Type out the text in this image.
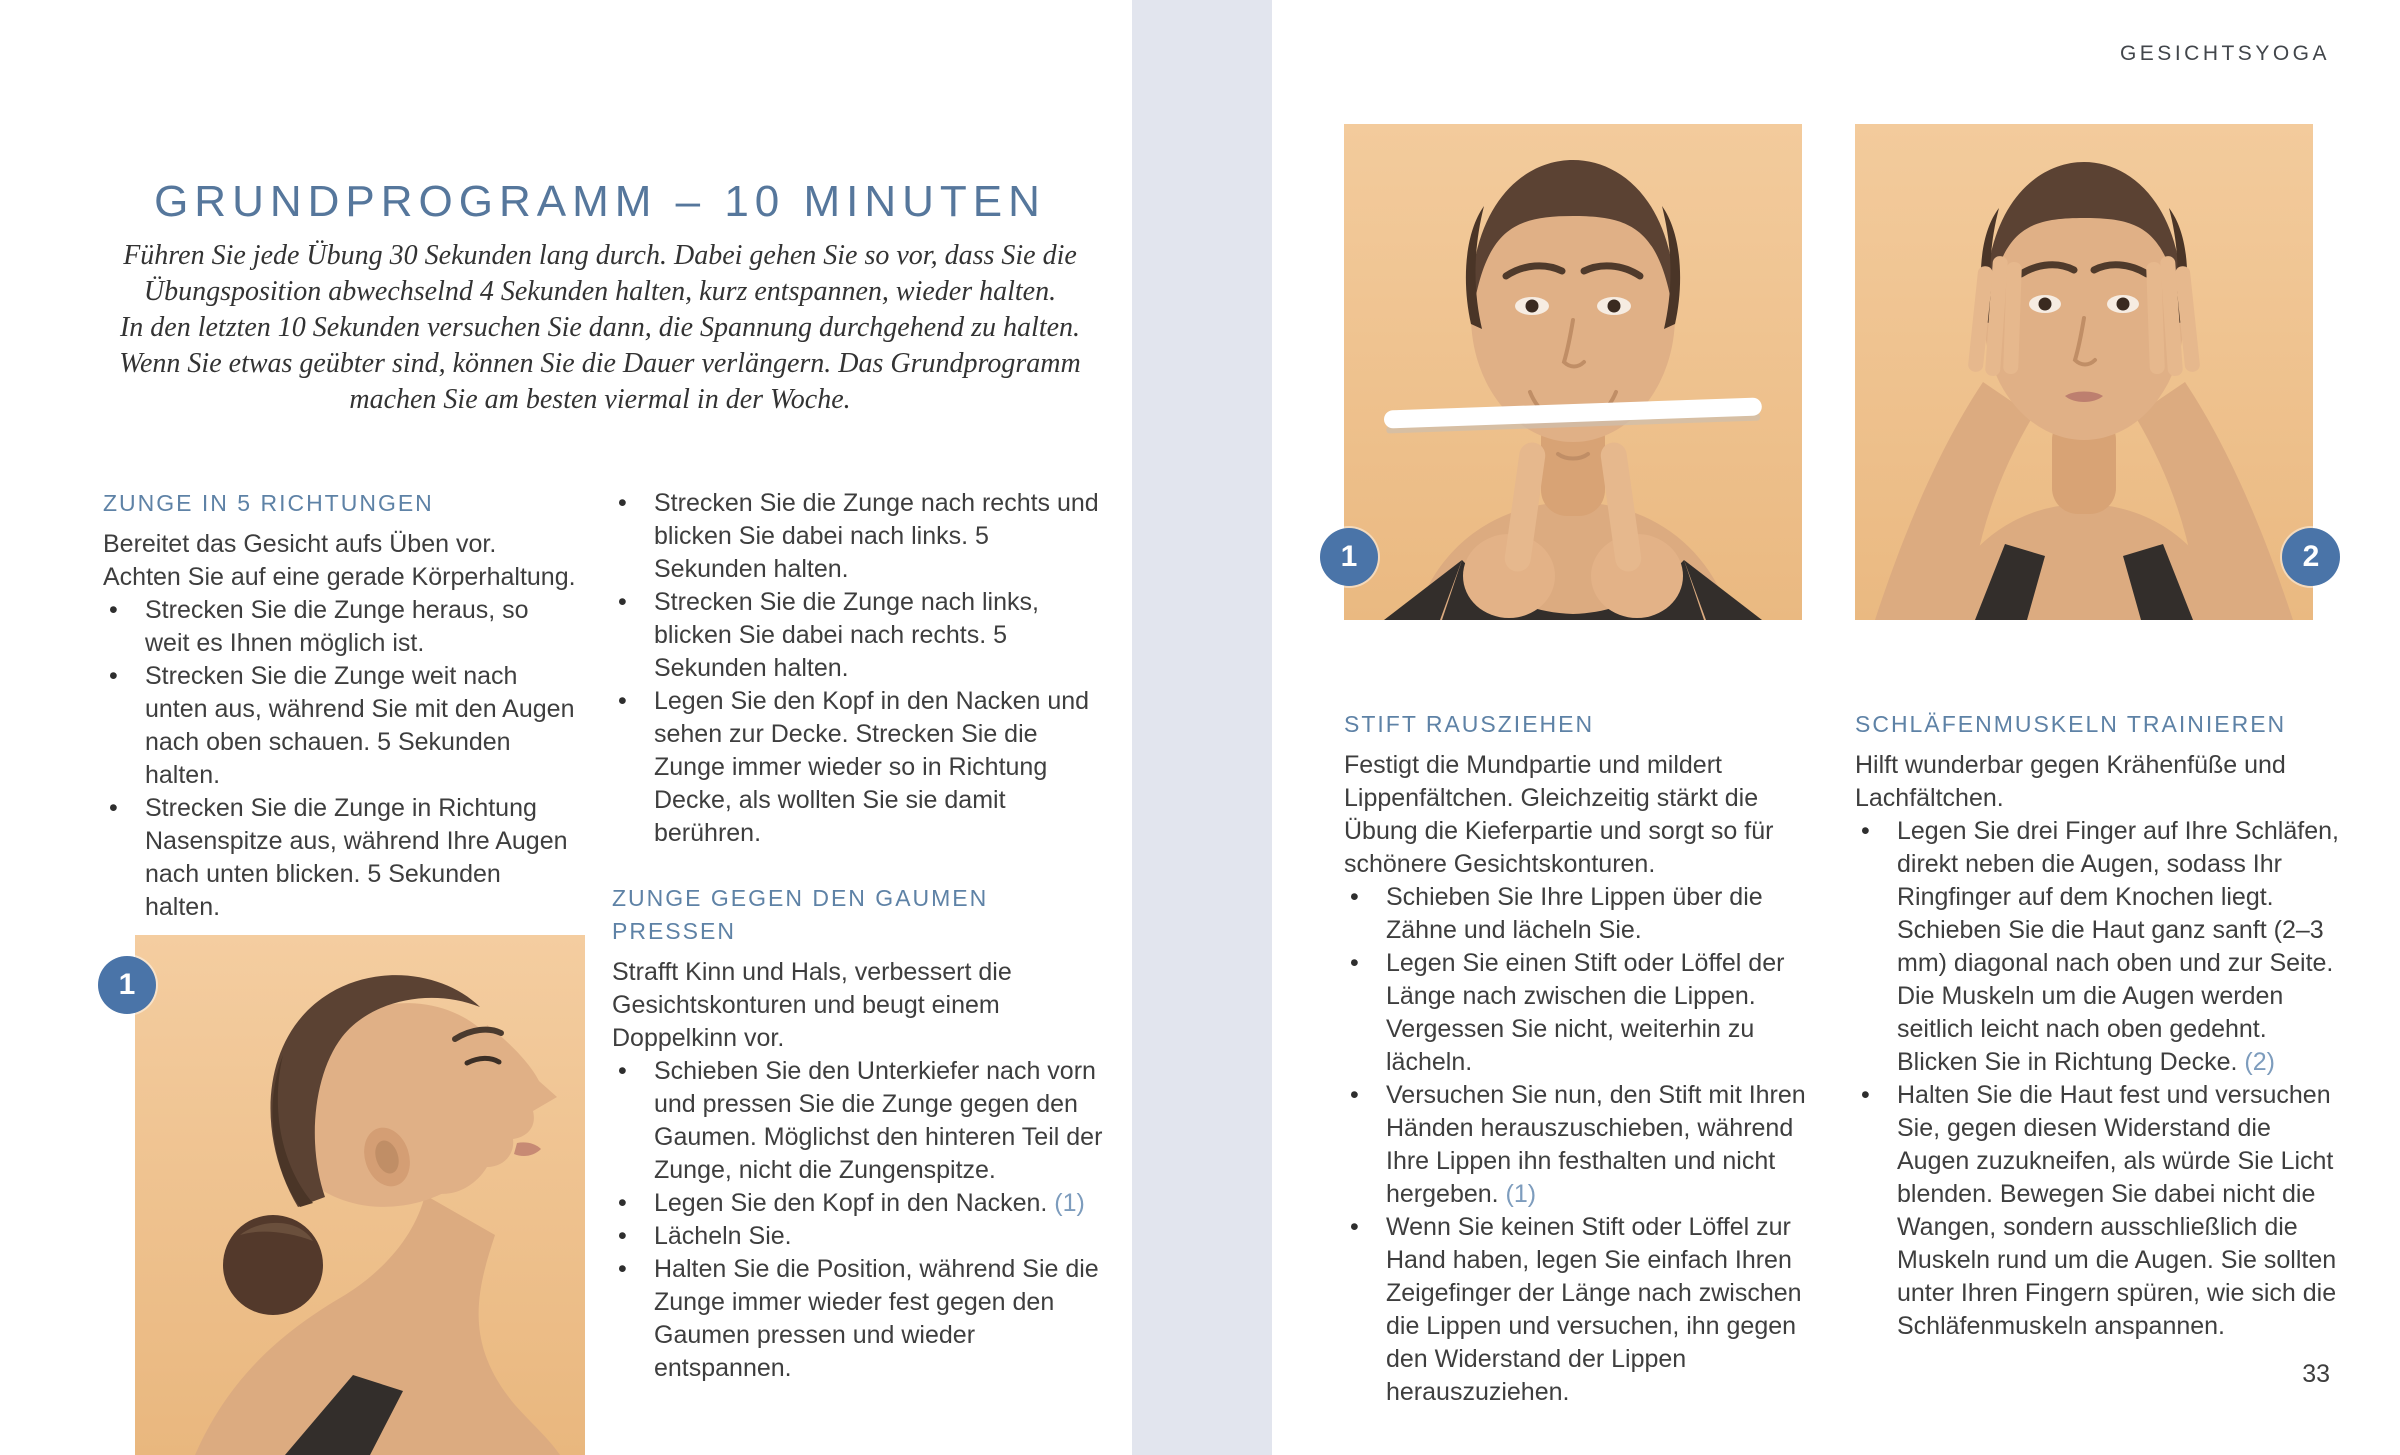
GRUNDPROGRAMM – 10 MINUTEN
Führen Sie jede Übung 30 Sekunden lang durch. Dabei gehen Sie so vor, dass Sie die
Übungsposition abwechselnd 4 Sekunden halten, kurz entspannen, wieder halten.
In den letzten 10 Sekunden versuchen Sie dann, die Spannung durchgehend zu halten.
Wenn Sie etwas geübter sind, können Sie die Dauer verlängern. Das Grundprogramm
machen Sie am besten viermal in der Woche.
ZUNGE IN 5 RICHTUNGEN

Bereitet das Gesicht aufs Üben vor. Achten Sie auf eine gerade Körperhaltung.

• Strecken Sie die Zunge heraus, so weit es Ihnen möglich ist.
• Strecken Sie die Zunge weit nach unten aus, während Sie mit den Augen nach oben schauen. 5 Sekunden halten.
• Strecken Sie die Zunge in Richtung Nasenspitze aus, während Ihre Augen nach unten blicken. 5 Sekunden halten.
• Strecken Sie die Zunge nach rechts und blicken Sie dabei nach links. 5 Sekunden halten.
• Strecken Sie die Zunge nach links, blicken Sie dabei nach rechts. 5 Sekunden halten.
• Legen Sie den Kopf in den Nacken und sehen zur Decke. Strecken Sie die Zunge immer wieder so in Richtung Decke, als wollten Sie sie damit berühren.
ZUNGE GEGEN DEN GAUMEN PRESSEN

Strafft Kinn und Hals, verbessert die Gesichtskonturen und beugt einem Doppelkinn vor.

• Schieben Sie den Unterkiefer nach vorn und pressen Sie die Zunge gegen den Gaumen. Möglichst den hinteren Teil der Zunge, nicht die Zungenspitze.
• Legen Sie den Kopf in den Nacken. (1)
• Lächeln Sie.
• Halten Sie die Position, während Sie die Zunge immer wieder fest gegen den Gaumen pressen und wieder entspannen.
1
GESICHTSYOGA
1	2
STIFT RAUSZIEHEN

Festigt die Mundpartie und mildert Lippenfältchen. Gleichzeitig stärkt die Übung die Kieferpartie und sorgt so für schönere Gesichtskonturen.

• Schieben Sie Ihre Lippen über die Zähne und lächeln Sie.
• Legen Sie einen Stift oder Löffel der Länge nach zwischen die Lippen. Vergessen Sie nicht, weiterhin zu lächeln.
• Versuchen Sie nun, den Stift mit Ihren Händen herauszuschieben, während Ihre Lippen ihn festhalten und nicht hergeben. (1)
• Wenn Sie keinen Stift oder Löffel zur Hand haben, legen Sie einfach Ihren Zeigefinger der Länge nach zwischen die Lippen und versuchen, ihn gegen den Widerstand der Lippen herauszuziehen.
SCHLÄFENMUSKELN TRAINIEREN

Hilft wunderbar gegen Krähenfüße und Lachfältchen.

• Legen Sie drei Finger auf Ihre Schläfen, direkt neben die Augen, sodass Ihr Ringfinger auf dem Knochen liegt. Schieben Sie die Haut ganz sanft (2–3 mm) diagonal nach oben und zur Seite. Die Muskeln um die Augen werden seitlich leicht nach oben gedehnt. Blicken Sie in Richtung Decke. (2)
• Halten Sie die Haut fest und versuchen Sie, gegen diesen Widerstand die Augen zuzukneifen, als würde Sie Licht blenden. Bewegen Sie dabei nicht die Wangen, sondern ausschließlich die Muskeln rund um die Augen. Sie sollten unter Ihren Fingern spüren, wie sich die Schläfenmuskeln anspannen.
33
